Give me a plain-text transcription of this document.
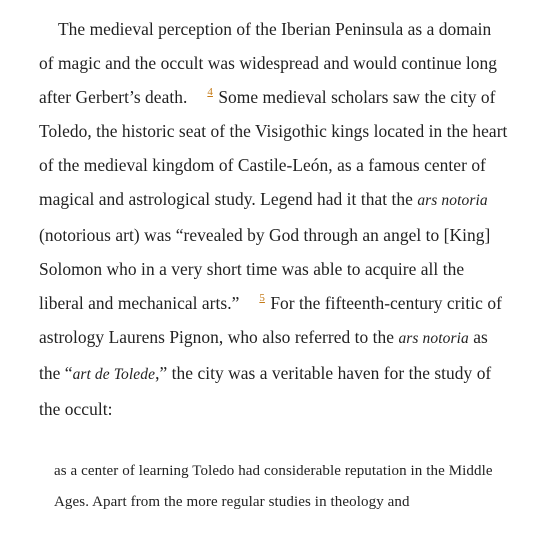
The medieval perception of the Iberian Peninsula as a domain of magic and the occult was widespread and would continue long after Gerbert’s death. 4 Some medieval scholars saw the city of Toledo, the historic seat of the Visigothic kings located in the heart of the medieval kingdom of Castile-León, as a famous center of magical and astrological study. Legend had it that the ars notoria (notorious art) was “revealed by God through an angel to [King] Solomon who in a very short time was able to acquire all the liberal and mechanical arts.” 5 For the fifteenth-century critic of astrology Laurens Pignon, who also referred to the ars notoria as the “art de Tolede,” the city was a veritable haven for the study of the occult:

as a center of learning Toledo had considerable reputation in the Middle Ages. Apart from the more regular studies in theology and
